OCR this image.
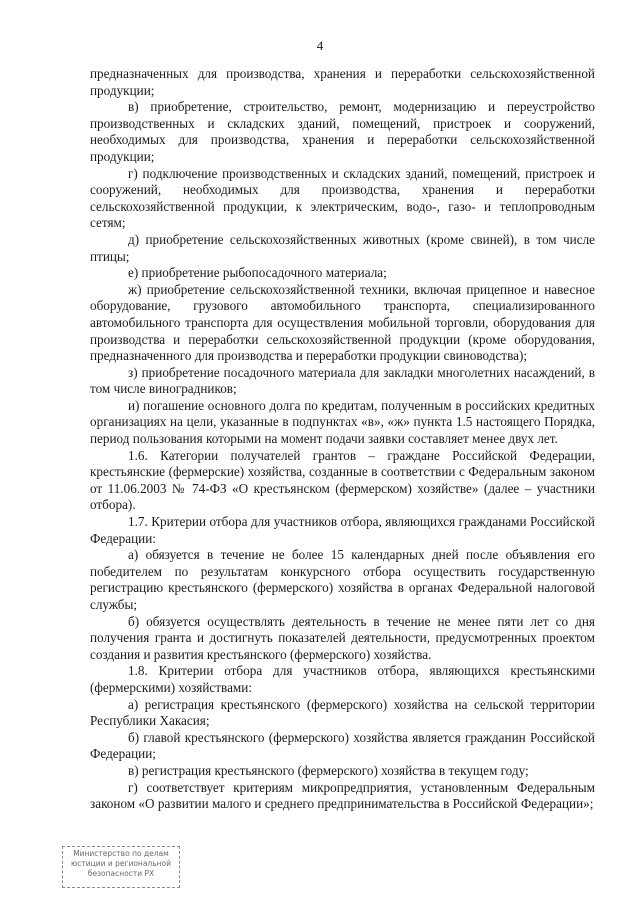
4

предназначенных для производства, хранения и переработки сельскохозяйственной продукции;

в) приобретение, строительство, ремонт, модернизацию и переустройство производственных и складских зданий, помещений, пристроек и сооружений, необходимых для производства, хранения и переработки сельскохозяйственной продукции;

г) подключение производственных и складских зданий, помещений, пристроек и сооружений, необходимых для производства, хранения и переработки сельскохозяйственной продукции, к электрическим, водо-, газо- и теплопроводным сетям;

д) приобретение сельскохозяйственных животных (кроме свиней), в том числе птицы;

е) приобретение рыбопосадочного материала;

ж) приобретение сельскохозяйственной техники, включая прицепное и навесное оборудование, грузового автомобильного транспорта, специализированного автомобильного транспорта для осуществления мобильной торговли, оборудования для производства и переработки сельскохозяйственной продукции (кроме оборудования, предназначенного для производства и переработки продукции свиноводства);

з) приобретение посадочного материала для закладки многолетних насаждений, в том числе виноградников;

и) погашение основного долга по кредитам, полученным в российских кредитных организациях на цели, указанные в подпунктах «в», «ж» пункта 1.5 настоящего Порядка, период пользования которыми на момент подачи заявки составляет менее двух лет.

1.6. Категории получателей грантов – граждане Российской Федерации, крестьянские (фермерские) хозяйства, созданные в соответствии с Федеральным законом от 11.06.2003 № 74-ФЗ «О крестьянском (фермерском) хозяйстве» (далее – участники отбора).

1.7. Критерии отбора для участников отбора, являющихся гражданами Российской Федерации:

а) обязуется в течение не более 15 календарных дней после объявления его победителем по результатам конкурсного отбора осуществить государственную регистрацию крестьянского (фермерского) хозяйства в органах Федеральной налоговой службы;

б) обязуется осуществлять деятельность в течение не менее пяти лет со дня получения гранта и достигнуть показателей деятельности, предусмотренных проектом создания и развития крестьянского (фермерского) хозяйства.

1.8. Критерии отбора для участников отбора, являющихся крестьянскими (фермерскими) хозяйствами:

а) регистрация крестьянского (фермерского) хозяйства на сельской территории Республики Хакасия;

б) главой крестьянского (фермерского) хозяйства является гражданин Российской Федерации;

в) регистрация крестьянского (фермерского) хозяйства в текущем году;

г) соответствует критериям микропредприятия, установленным Федеральным законом «О развитии малого и среднего предпринимательства в Российской Федерации»;

Министерство по делам
юстиции и региональной
безопасности РХ
